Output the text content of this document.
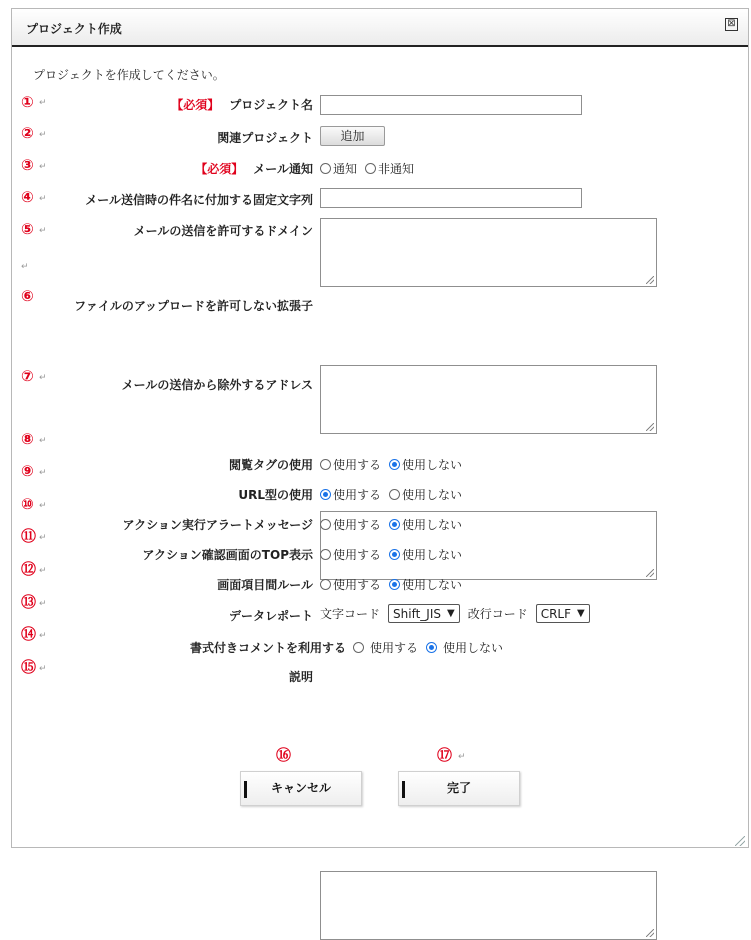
プロジェクト作成	⊠
プロジェクトを作成してください。
①
②
③
④
⑤
⑥
⑦
⑧
⑨
⑩
⑪
⑫
⑬
⑭
⑮
⑯	⑰
↵
↵
↵
↵
↵
↵
↵
↵
↵
↵
↵
↵
↵
↵
↵
↵
【必須】 プロジェクト名
関連プロジェクト	追加
【必須】 メール通知 通知 非通知
メール送信時の件名に付加する固定文字列
メールの送信を許可するドメイン
ファイルのアップロードを許可しない拡張子
メールの送信から除外するアドレス
閲覧タグの使用 使用する 使用しない
URL型の使用 使用する 使用しない
アクション実行アラートメッセージ 使用する 使用しない
アクション確認画面のTOP表示 使用する 使用しない
画面項目間ルール 使用する 使用しない
データレポート 文字コード Shift_JIS ▼ 改行コード CRLF ▼
書式付きコメントを利用する 使用する 使用しない
説明
キャンセル	完了
